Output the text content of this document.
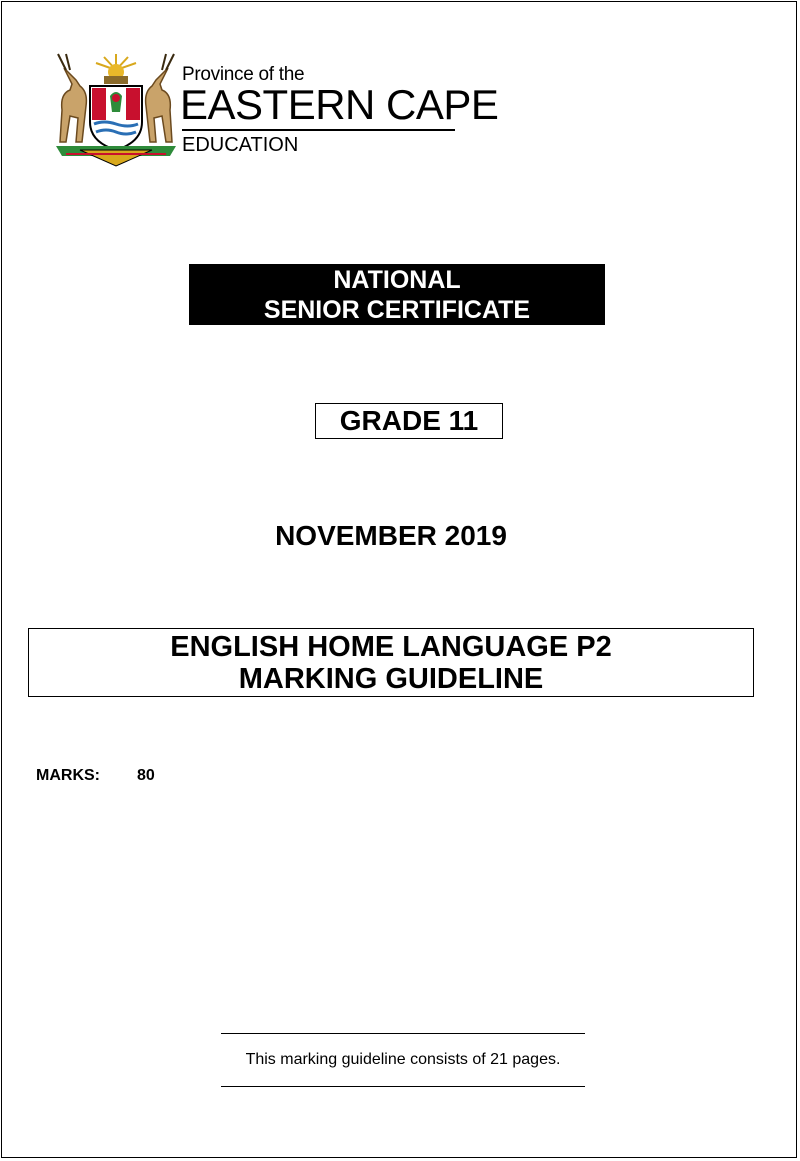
Province of the
EASTERN CAPE
EDUCATION
NATIONAL
SENIOR CERTIFICATE
GRADE 11
NOVEMBER 2019
ENGLISH HOME LANGUAGE P2
MARKING GUIDELINE
MARKS: 80
This marking guideline consists of 21 pages.
